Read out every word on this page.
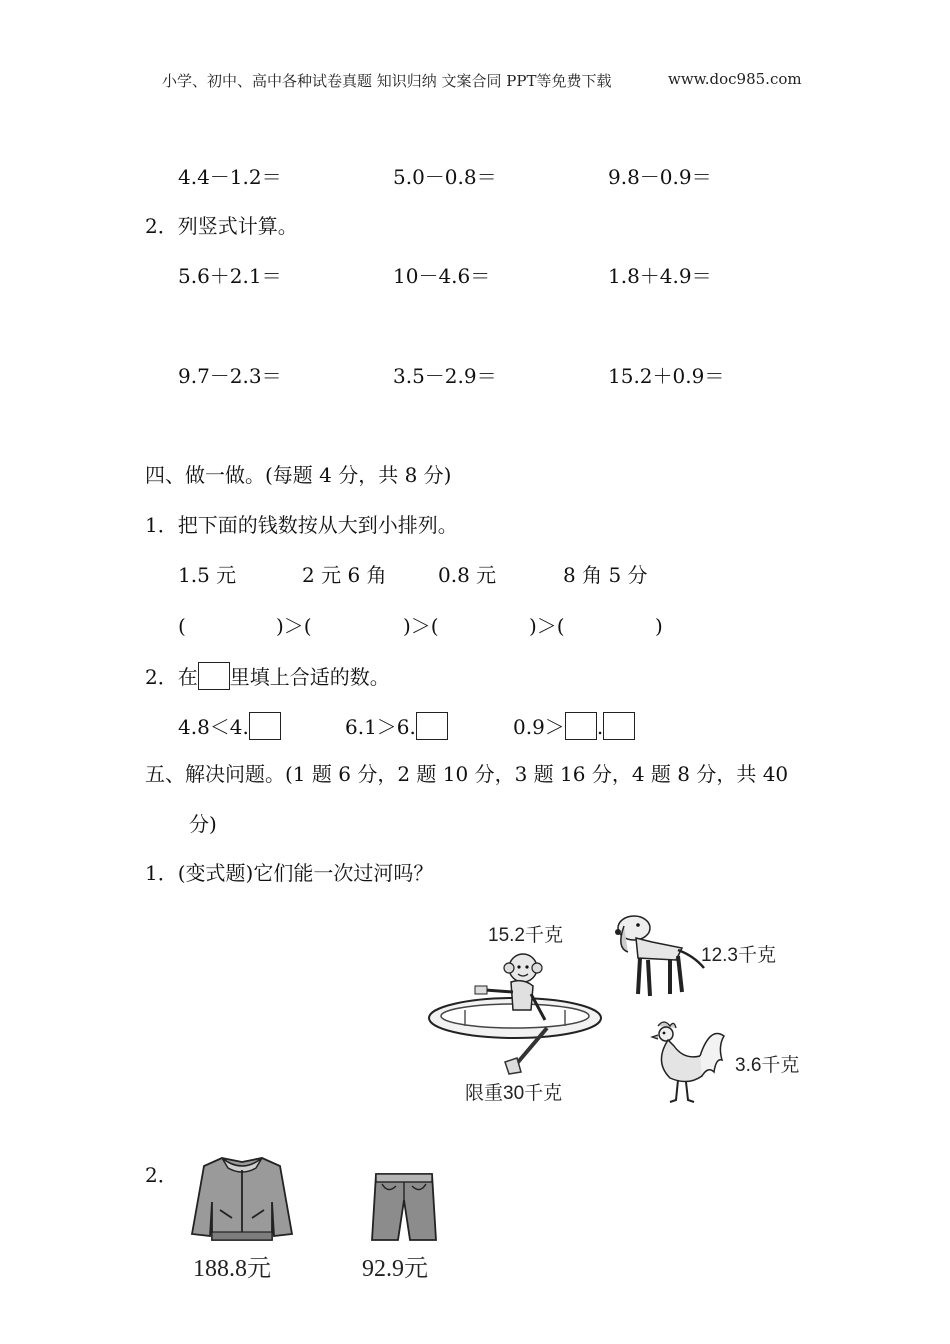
小学、初中、高中各种试卷真题 知识归纳 文案合同 PPT等免费下载	www.doc985.com
4.4－1.2＝	5.0－0.8＝	9.8－0.9＝
2．列竖式计算。
5.6＋2.1＝	10－4.6＝	1.8＋4.9＝
9.7－2.3＝	3.5－2.9＝	15.2＋0.9＝
四、做一做。(每题 4 分，共 8 分)
1．把下面的钱数按从大到小排列。
1.5 元	2 元 6 角	0.8 元	8 角 5 分
(	)＞(	)＞(	)＞(	)
2．在 里填上合适的数。
4.8＜4.	6.1＞6.	0.9＞ .
五、解决问题。(1 题 6 分，2 题 10 分，3 题 16 分，4 题 8 分，共 40
分)
1．(变式题)它们能一次过河吗？
15.2千克
12.3千克
3.6千克
限重30千克
2．
188.8元	92.9元
